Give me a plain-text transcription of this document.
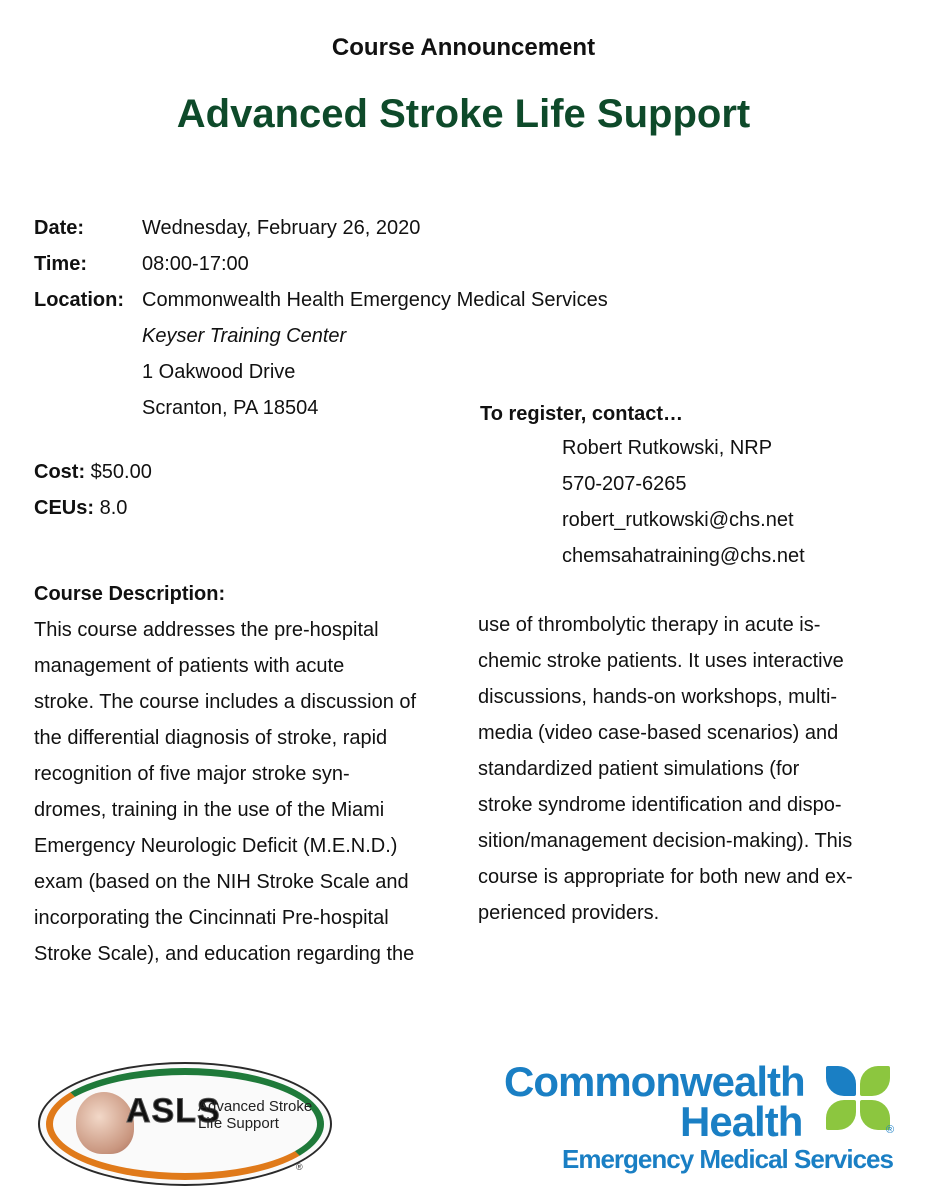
Course Announcement
Advanced Stroke Life Support
Date:	Wednesday, February 26, 2020
Time:	08:00-17:00
Location: Commonwealth Health Emergency Medical Services
Keyser Training Center
1 Oakwood Drive
Scranton, PA 18504
Cost: $50.00
CEUs: 8.0
To register, contact…
Robert Rutkowski, NRP
570-207-6265
robert_rutkowski@chs.net
chemsahatraining@chs.net
Course Description:
This course addresses the pre-hospital
management of patients with acute
stroke. The course includes a discussion of
the differential diagnosis of stroke, rapid
recognition of five major stroke syn-
dromes, training in the use of the Miami
Emergency Neurologic Deficit (M.E.N.D.)
exam (based on the NIH Stroke Scale and
incorporating the Cincinnati Pre-hospital
Stroke Scale), and education regarding the
use of thrombolytic therapy in acute is-
chemic stroke patients. It uses interactive
discussions, hands-on workshops, multi-
media (video case-based scenarios) and
standardized patient simulations (for
stroke syndrome identification and dispo-
sition/management decision-making). This
course is appropriate for both new and ex-
perienced providers.
ASLS
Advanced Stroke
Life Support
®
Commonwealth
Health
Emergency Medical Services
®
